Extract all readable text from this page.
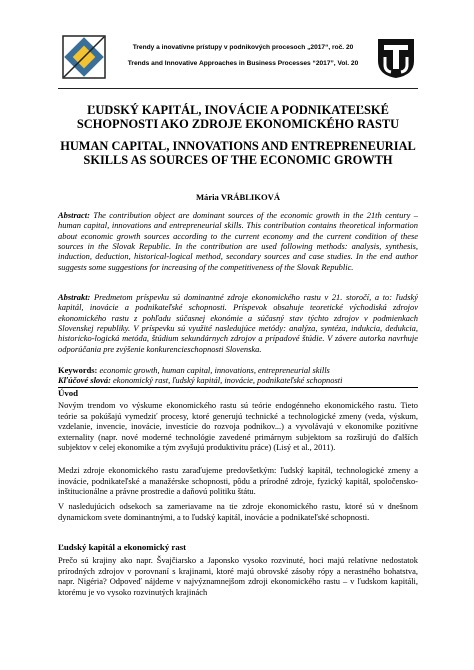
Trendy a inovatívne prístupy v podnikových procesoch „2017“, roč. 20
Trends and Innovative Approaches in Business Processes “2017”, Vol. 20
ĽUDSKÝ KAPITÁL, INOVÁCIE A PODNIKATEĽSKÉ SCHOPNOSTI AKO ZDROJE EKONOMICKÉHO RASTU
HUMAN CAPITAL, INNOVATIONS AND ENTREPRENEURIAL SKILLS AS SOURCES OF THE ECONOMIC GROWTH
Mária VRÁBLIKOVÁ
Abstract: The contribution object are dominant sources of the economic growth in the 21th century – human capital, innovations and entrepreneurial skills. This contribution contains theoretical information about economic growth sources according to the current economy and the current condition of these sources in the Slovak Republic. In the contribution are used following methods: analysis, synthesis, induction, deduction, historical-logical method, secondary sources and case studies. In the end author suggests some suggestions for increasing of the competitiveness of the Slovak Republic.
Abstrakt: Predmetom príspevku sú dominantné zdroje ekonomického rastu v 21. storočí, a to: ľudský kapitál, inovácie a podnikateľské schopnosti. Príspevok obsahuje teoretické východiská zdrojov ekonomického rastu z pohľadu súčasnej ekonómie a súčasný stav týchto zdrojov v podmienkach Slovenskej republiky. V príspevku sú využité nasledujúce metódy: analýza, syntéza, indukcia, dedukcia, historicko-logická metóda, štúdium sekundárnych zdrojov a prípadové štúdie. V závere autorka navrhuje odporúčania pre zvýšenie konkurencieschopnosti Slovenska.
Keywords: economic growth, human capital, innovations, entrepreneurial skills
Kľúčové slová: ekonomický rast, ľudský kapitál, inovácie, podnikateľské schopnosti
Úvod
Novým trendom vo výskume ekonomického rastu sú teórie endogénneho ekonomického rastu. Tieto teórie sa pokúšajú vymedziť procesy, ktoré generujú technické a technologické zmeny (veda, výskum, vzdelanie, invencie, inovácie, investície do rozvoja podnikov...) a vyvolávajú v ekonomike pozitívne externality (napr. nové moderné technológie zavedené primárnym subjektom sa rozširujú do ďalších subjektov v celej ekonomike a tým zvyšujú produktivitu práce) (Lisý et al., 2011).
Medzi zdroje ekonomického rastu zaraďujeme predovšetkým: ľudský kapitál, technologické zmeny a inovácie, podnikateľské a manažérske schopnosti, pôdu a prírodné zdroje, fyzický kapitál, spoločensko-inštitucionálne a právne prostredie a daňovú politiku štátu.
V nasledujúcich odsekoch sa zameriavame na tie zdroje ekonomického rastu, ktoré sú v dnešnom dynamickom svete dominantnými, a to ľudský kapitál, inovácie a podnikateľské schopnosti.
Ľudský kapitál a ekonomický rast
Prečo sú krajiny ako napr. Švajčiarsko a Japonsko vysoko rozvinuté, hoci majú relatívne nedostatok prírodných zdrojov v porovnaní s krajinami, ktoré majú obrovské zásoby rópy a nerastného bohatstva, napr. Nigéria? Odpoveď nájdeme v najvýznamnejšom zdroji ekonomického rastu – v ľudskom kapitáli, ktorému je vo vysoko rozvinutých krajinách
